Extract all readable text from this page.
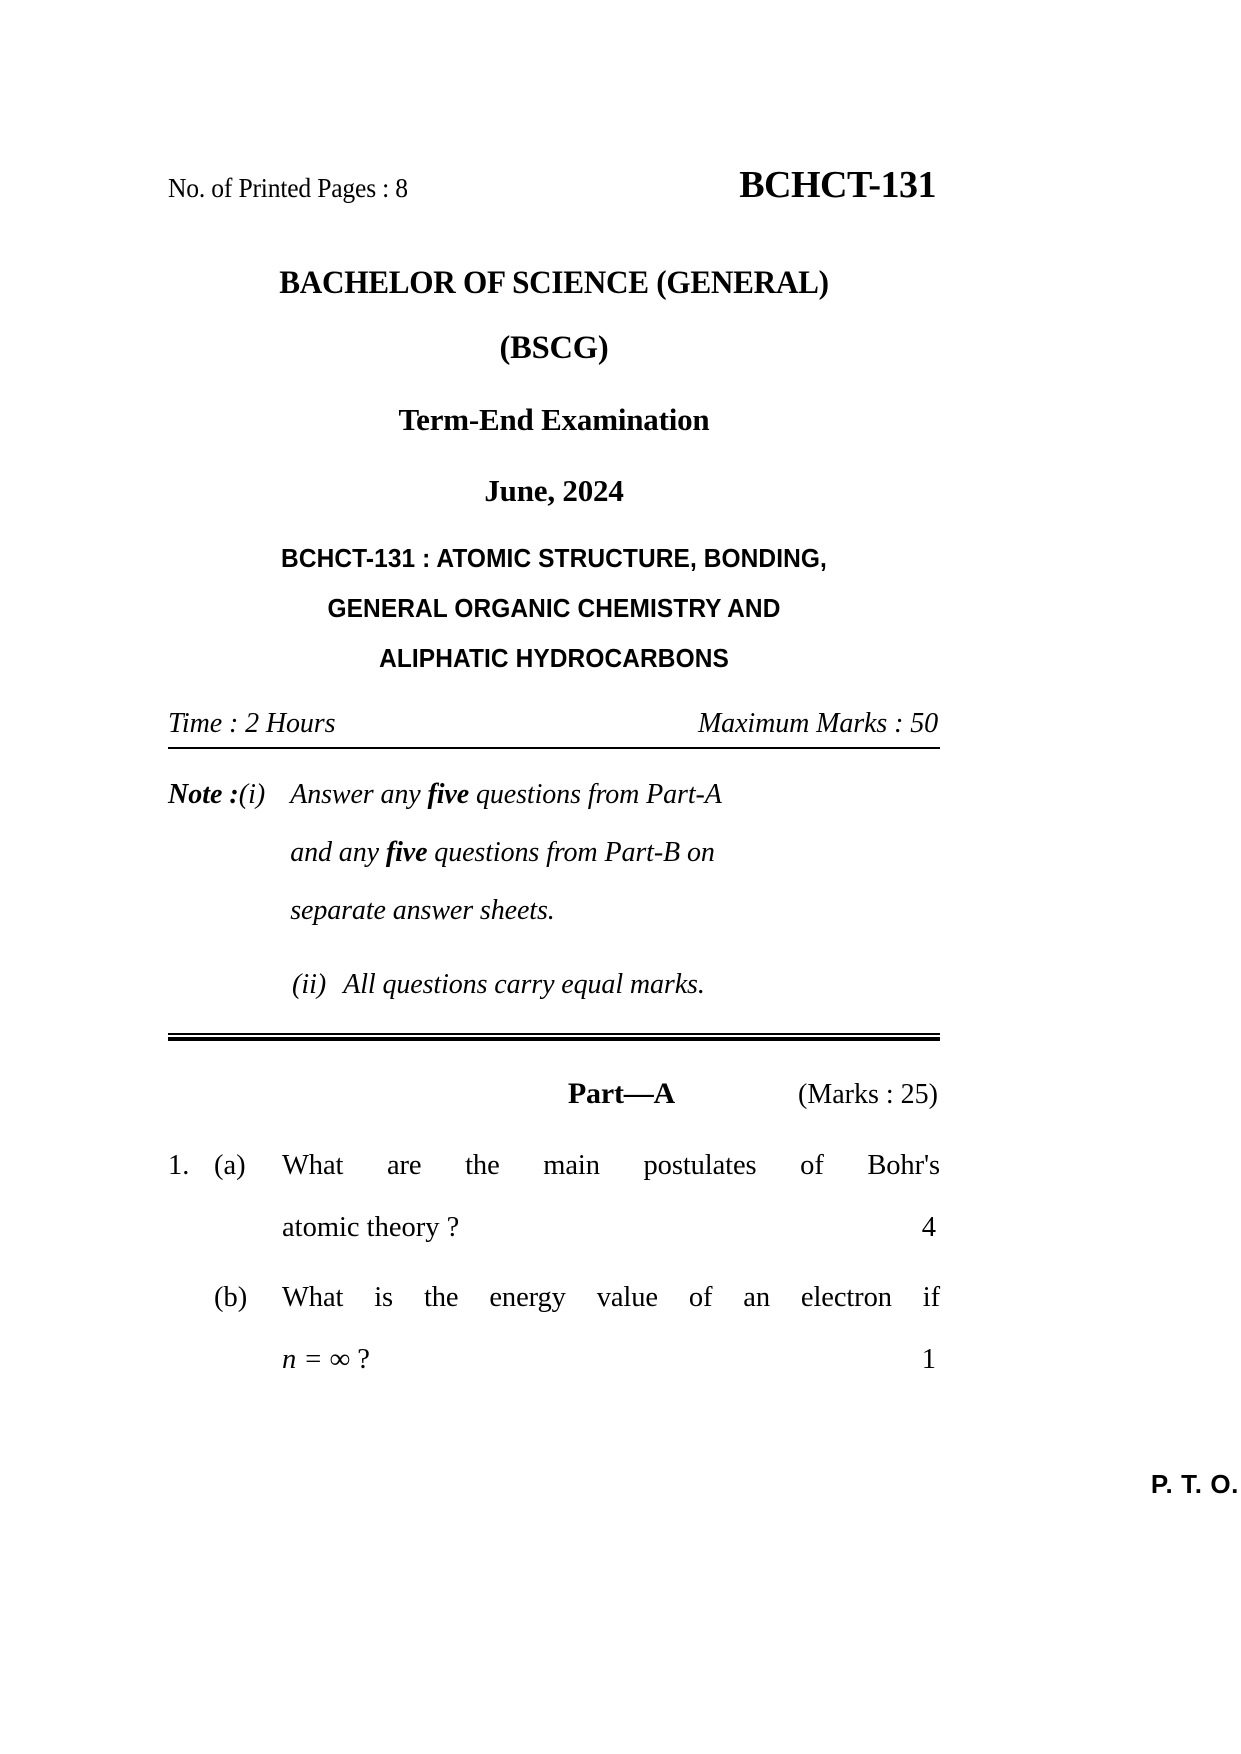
No. of Printed Pages : 8	BCHCT-131
BACHELOR OF SCIENCE (GENERAL)
(BSCG)
Term-End Examination
June, 2024
BCHCT-131 : ATOMIC STRUCTURE, BONDING,
GENERAL ORGANIC CHEMISTRY AND
ALIPHATIC HYDROCARBONS
Time : 2 Hours	Maximum Marks : 50
Note : (i) Answer any five questions from Part-A
and any five questions from Part-B on
separate answer sheets.
(ii) All questions carry equal marks.
Part—A	(Marks : 25)
1. (a)	What are the main postulates of Bohr's
atomic theory ?	4
(b)	What is the energy value of an electron if
n = ∞ ?	1
P. T. O.
